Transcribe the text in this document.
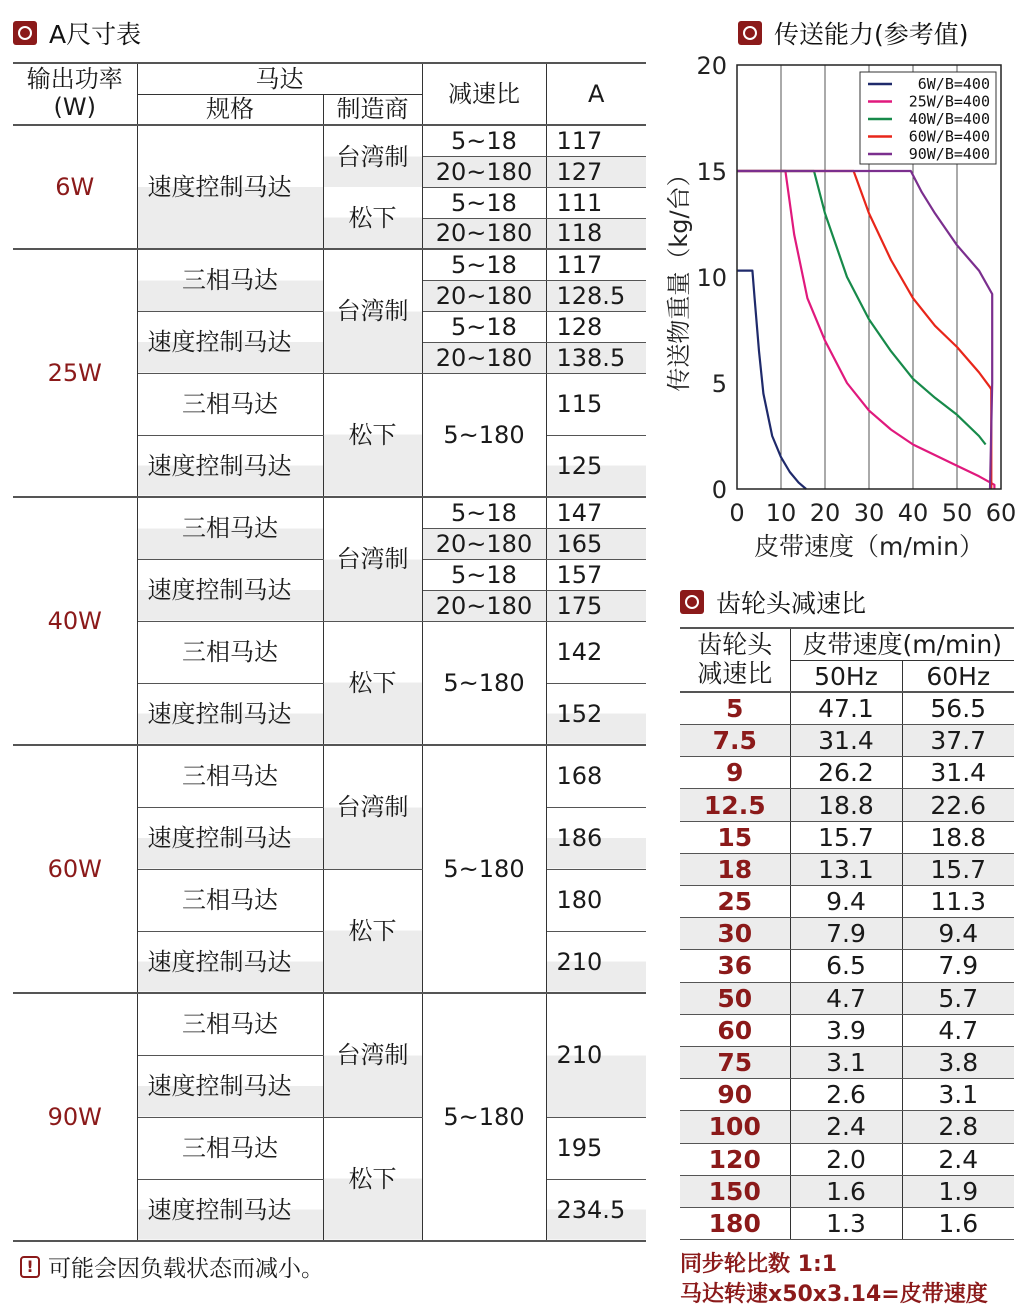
A尺寸表	传送能力(参考值)
齿轮头减速比
输出功率
(W)	马达		减速比	A
	规格	制造商		
6W	速度控制马达	台湾制	5~18	117
			20~180	127
		松下	5~18	111
			20~180	118
25W	三相马达	台湾制	5~18	117
			20~180	128.5
	速度控制马达		5~18	128
			20~180	138.5
	三相马达	松下	5~180	115

	速度控制马达			125

40W	三相马达	台湾制	5~18	147
			20~180	165
	速度控制马达		5~18	157
			20~180	175
	三相马达	松下	5~180	142

	速度控制马达			152

60W	三相马达	台湾制	5~180	168

	速度控制马达			186

	三相马达	松下		180

	速度控制马达			210

90W	三相马达	台湾制	5~180	210

	速度控制马达			

	三相马达	松下		195

	速度控制马达			234.5

0 10 20 30 40 50 60
0
5
10
15
20
皮带速度（m/min）
传送物重量（kg/台）
6W/B=400
25W/B=400
40W/B=400
60W/B=400
90W/B=400
齿轮头
减速比	皮带速度(m/min)	
	50Hz	60Hz
5	47.1	56.5
7.5	31.4	37.7
9	26.2	31.4
12.5	18.8	22.6
15	15.7	18.8
18	13.1	15.7
25	9.4	11.3
30	7.9	9.4
36	6.5	7.9
50	4.7	5.7
60	3.9	4.7
75	3.1	3.8
90	2.6	3.1
100	2.4	2.8
120	2.0	2.4
150	1.6	1.9
180	1.3	1.6
! 可能会因负载状态而减小。	同步轮比数 1:1
马达转速x50x3.14=皮带速度
